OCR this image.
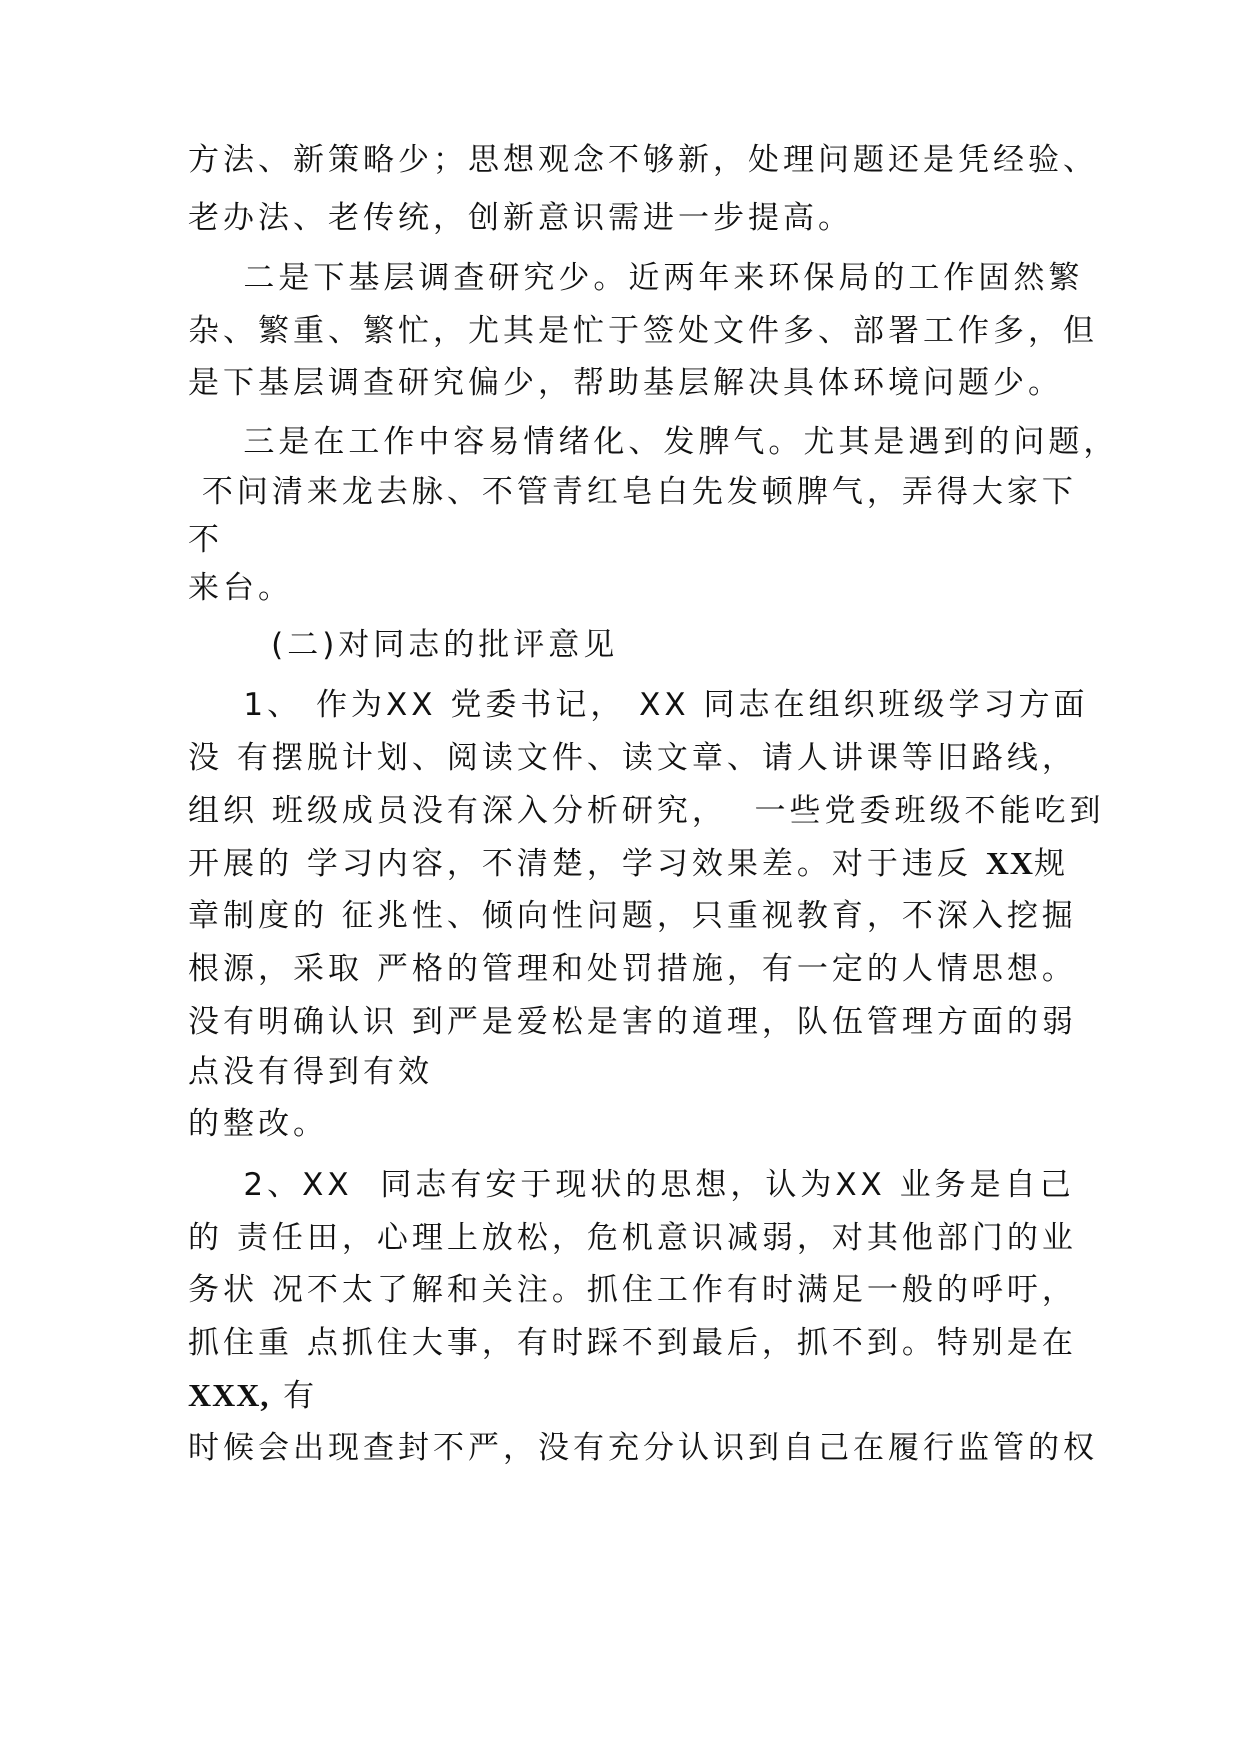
方法、新策略少；思想观念不够新，处理问题还是凭经验、
老办法、老传统，创新意识需进一步提高。
二是下基层调查研究少。近两年来环保局的工作固然繁
杂、繁重、繁忙，尤其是忙于签处文件多、部署工作多，但
是下基层调查研究偏少，帮助基层解决具体环境问题少。
三是在工作中容易情绪化、发脾气。尤其是遇到的问题，
不问清来龙去脉、不管青红皂白先发顿脾气，弄得大家下
不
来台。
(二)对同志的批评意见
1、 作为XX 党委书记， XX 同志在组织班级学习方面
没 有摆脱计划、阅读文件、读文章、请人讲课等旧路线，
组织 班级成员没有深入分析研究，  一些党委班级不能吃到
开展的 学习内容，不清楚，学习效果差。对于违反 XX规
章制度的 征兆性、倾向性问题，只重视教育，不深入挖掘
根源，采取 严格的管理和处罚措施，有一定的人情思想。
没有明确认识 到严是爱松是害的道理，队伍管理方面的弱
点没有得到有效
的整改。
2、XX  同志有安于现状的思想，认为XX 业务是自己
的 责任田，心理上放松，危机意识减弱，对其他部门的业
务状 况不太了解和关注。抓住工作有时满足一般的呼吁，
抓住重 点抓住大事，有时踩不到最后，抓不到。特别是在
XXX, 有
时候会出现查封不严，没有充分认识到自己在履行监管的权
